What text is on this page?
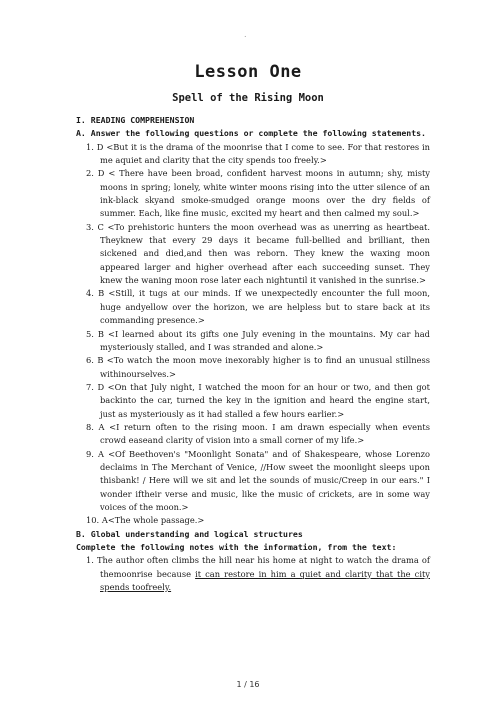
.
Lesson One
Spell of the Rising Moon
I. READING COMPREHENSION
A. Answer the following questions or complete the following statements.
1. D <But it is the drama of the moonrise that I come to see. For that restores in me aquiet and clarity that the city spends too freely.>
2. D < There have been broad, confident harvest moons in autumn; shy, misty moons in spring; lonely, white winter moons rising into the utter silence of an ink-black skyand smoke-smudged orange moons over the dry fields of summer. Each, like fine music, excited my heart and then calmed my soul.>
3. C <To prehistoric hunters the moon overhead was as unerring as heartbeat. Theyknew that every 29 days it became full-bellied and brilliant, then sickened and died,and then was reborn. They knew the waxing moon appeared larger and higher overhead after each succeeding sunset. They knew the waning moon rose later each nightuntil it vanished in the sunrise.>
4. B <Still, it tugs at our minds. If we unexpectedly encounter the full moon, huge andyellow over the horizon, we are helpless but to stare back at its commanding presence.>
5. B <I learned about its gifts one July evening in the mountains. My car had mysteriously stalled, and I was stranded and alone.>
6. B <To watch the moon move inexorably higher is to find an unusual stillness withinourselves.>
7. D <On that July night, I watched the moon for an hour or two, and then got backinto the car, turned the key in the ignition and heard the engine start, just as mysteriously as it had stalled a few hours earlier.>
8. A <I return often to the rising moon. I am drawn especially when events crowd easeand clarity of vision into a small corner of my life.>
9. A <Of Beethoven's "Moonlight Sonata" and of Shakespeare, whose Lorenzo declaims in The Merchant of Venice, //How sweet the moonlight sleeps upon thisbank! / Here will we sit and let the sounds of music/Creep in our ears." I wonder iftheir verse and music, like the music of crickets, are in some way voices of the moon.>
10. A<The whole passage.>
B. Global understanding and logical structures
Complete the following notes with the information, from the text:
1. The author often climbs the hill near his home at night to watch the drama of themoonrise because it can restore in him a quiet and clarity that the city spends toofreely.
1 / 16
